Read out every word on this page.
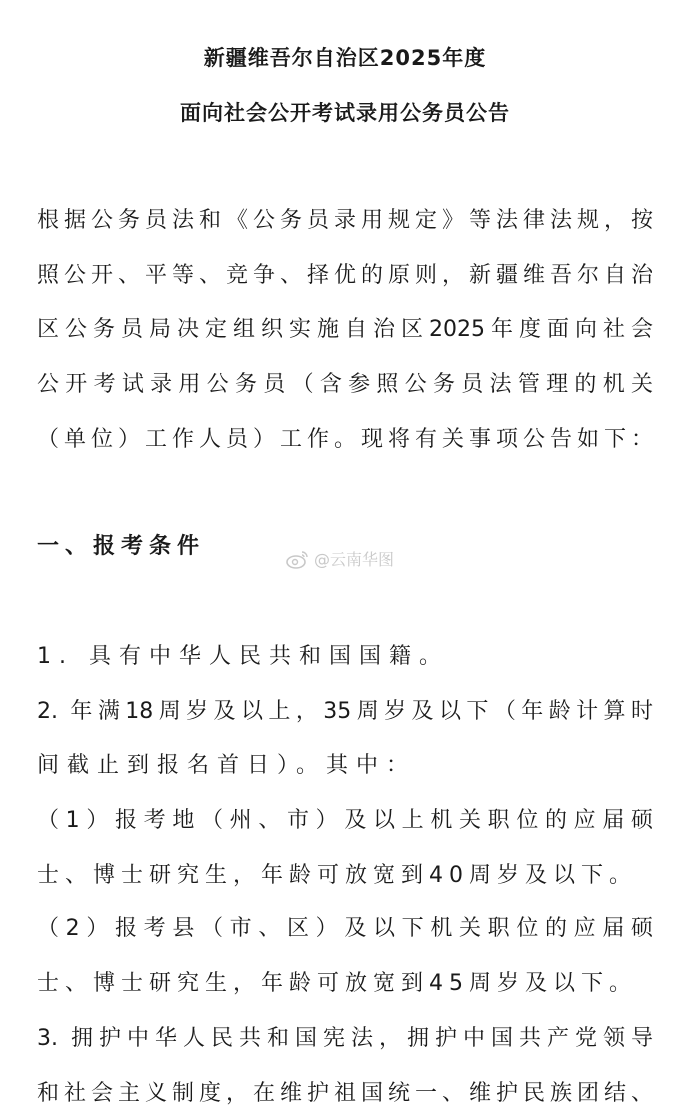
新疆维吾尔自治区2025年度
面向社会公开考试录用公务员公告
根据公务员法和《公务员录用规定》等法律法规，按
照公开、平等、竞争、择优的原则，新疆维吾尔自治
区公务员局决定组织实施自治区2025年度面向社会
公开考试录用公务员（含参照公务员法管理的机关
（单位）工作人员）工作。现将有关事项公告如下：
一、报考条件
@云南华图
1. 具有中华人民共和国国籍。
2. 年满18周岁及以上，35周岁及以下（年龄计算时
间截止到报名首日）。其中：
（1）报考地（州、市）及以上机关职位的应届硕
士、博士研究生，年龄可放宽到40周岁及以下。
（2）报考县（市、区）及以下机关职位的应届硕
士、博士研究生，年龄可放宽到45周岁及以下。
3. 拥护中华人民共和国宪法，拥护中国共产党领导
和社会主义制度，在维护祖国统一、维护民族团结、
